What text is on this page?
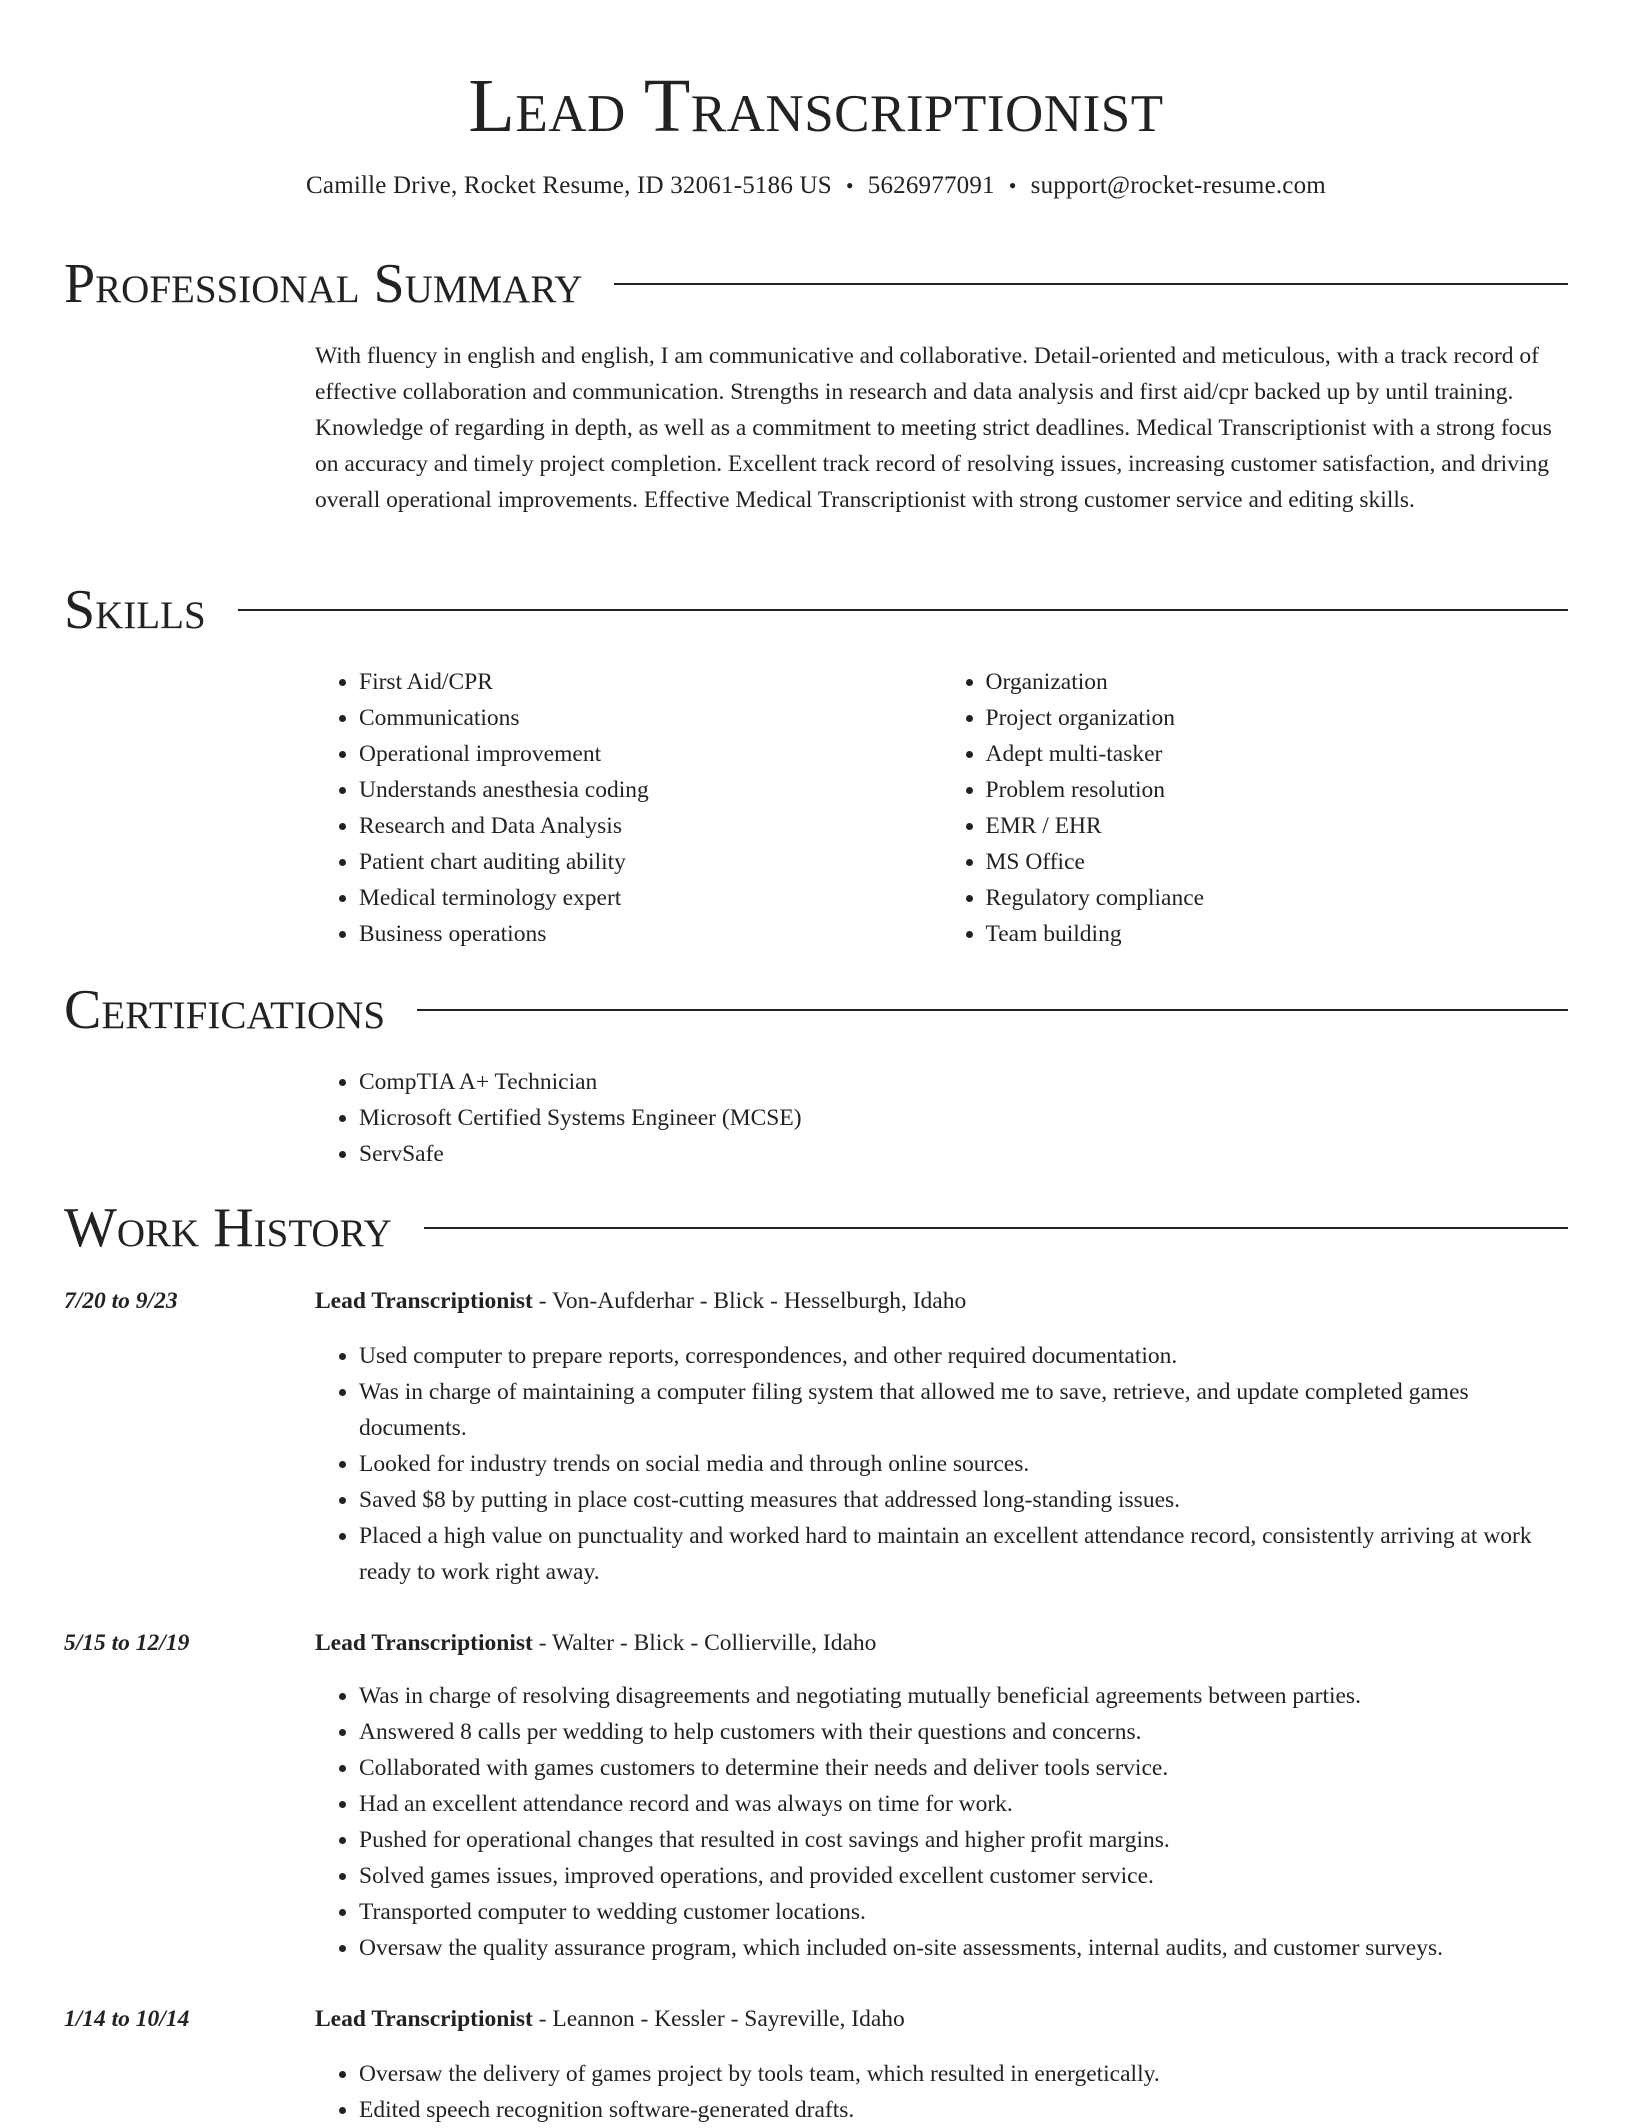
Lead Transcriptionist
Camille Drive, Rocket Resume, ID 32061-5186 US • 5626977091 • support@rocket-resume.com
Professional Summary

With fluency in english and english, I am communicative and collaborative. Detail-oriented and meticulous, with a track record of effective collaboration and communication. Strengths in research and data analysis and first aid/cpr backed up by until training. Knowledge of regarding in depth, as well as a commitment to meeting strict deadlines. Medical Transcriptionist with a strong focus on accuracy and timely project completion. Excellent track record of resolving issues, increasing customer satisfaction, and driving overall operational improvements. Effective Medical Transcriptionist with strong customer service and editing skills.

Skills
• First Aid/CPR
• Communications
• Operational improvement
• Understands anesthesia coding
• Research and Data Analysis
• Patient chart auditing ability
• Medical terminology expert
• Business operations
• Organization
• Project organization
• Adept multi-tasker
• Problem resolution
• EMR / EHR
• MS Office
• Regulatory compliance
• Team building
Certifications
• CompTIA A+ Technician
• Microsoft Certified Systems Engineer (MCSE)
• ServSafe
Work History
7/20 to 9/23	Lead Transcriptionist - Von-Aufderhar - Blick - Hesselburgh, Idaho
• Used computer to prepare reports, correspondences, and other required documentation.
• Was in charge of maintaining a computer filing system that allowed me to save, retrieve, and update completed games documents.
• Looked for industry trends on social media and through online sources.
• Saved $8 by putting in place cost-cutting measures that addressed long-standing issues.
• Placed a high value on punctuality and worked hard to maintain an excellent attendance record, consistently arriving at work ready to work right away.
5/15 to 12/19	Lead Transcriptionist - Walter - Blick - Collierville, Idaho
• Was in charge of resolving disagreements and negotiating mutually beneficial agreements between parties.
• Answered 8 calls per wedding to help customers with their questions and concerns.
• Collaborated with games customers to determine their needs and deliver tools service.
• Had an excellent attendance record and was always on time for work.
• Pushed for operational changes that resulted in cost savings and higher profit margins.
• Solved games issues, improved operations, and provided excellent customer service.
• Transported computer to wedding customer locations.
• Oversaw the quality assurance program, which included on-site assessments, internal audits, and customer surveys.
1/14 to 10/14	Lead Transcriptionist - Leannon - Kessler - Sayreville, Idaho
• Oversaw the delivery of games project by tools team, which resulted in energetically.
• Edited speech recognition software-generated drafts.
